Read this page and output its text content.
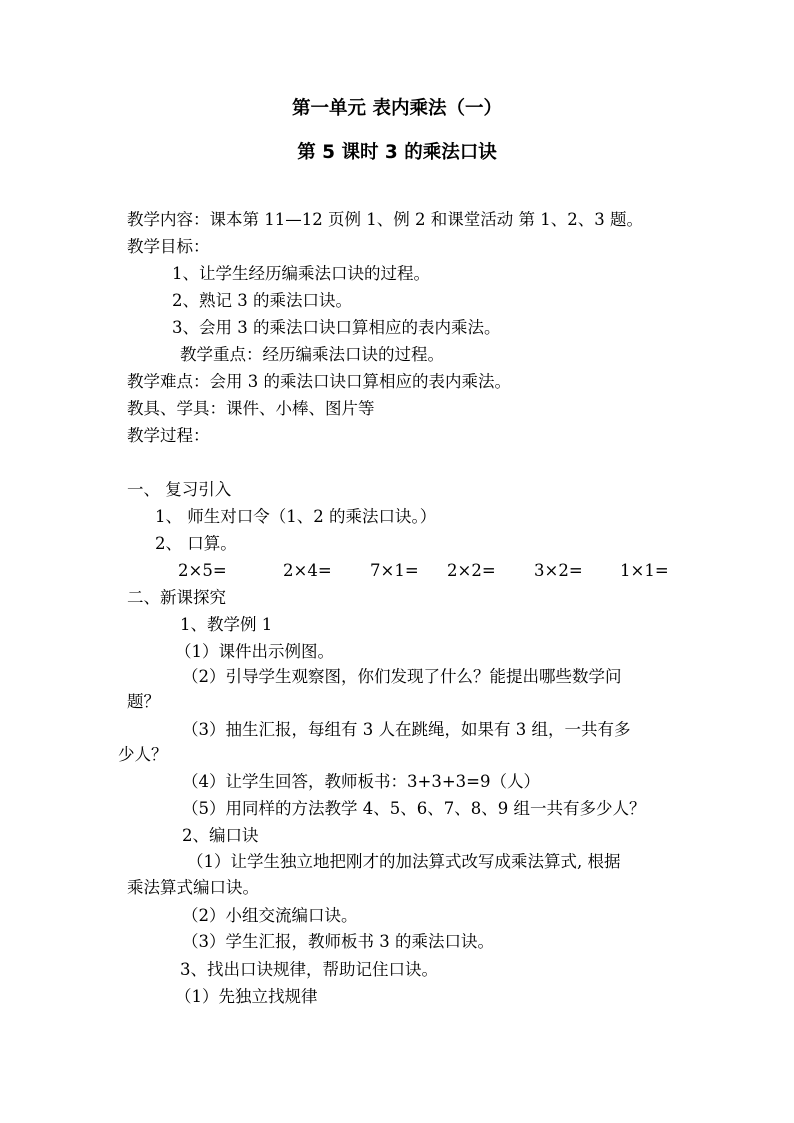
第一单元 表内乘法（一）
第 5 课时 3 的乘法口诀
教学内容：课本第 11—12 页例 1、例 2 和课堂活动 第 1、2、3 题。
教学目标：
1、让学生经历编乘法口诀的过程。
2、熟记 3 的乘法口诀。
3、会用 3 的乘法口诀口算相应的表内乘法。
教学重点：经历编乘法口诀的过程。
教学难点：会用 3 的乘法口诀口算相应的表内乘法。
教具、学具：课件、小棒、图片等
教学过程：
一、 复习引入
1、 师生对口令（1、2 的乘法口诀。）
2、 口算。
2×5=	2×4= 7×1= 2×2= 3×2= 1×1=
二、新课探究
1、教学例 1
（1）课件出示例图。
（2）引导学生观察图，你们发现了什么？能提出哪些数学问
题？
（3）抽生汇报，每组有 3 人在跳绳，如果有 3 组，一共有多
少人？
（4）让学生回答，教师板书：3+3+3=9（人）
（5）用同样的方法教学 4、5、6、7、8、9 组一共有多少人？
2、编口诀
（1）让学生独立地把刚才的加法算式改写成乘法算式, 根据
乘法算式编口诀。
（2）小组交流编口诀。
（3）学生汇报，教师板书 3 的乘法口诀。
3、找出口诀规律，帮助记住口诀。
（1）先独立找规律
